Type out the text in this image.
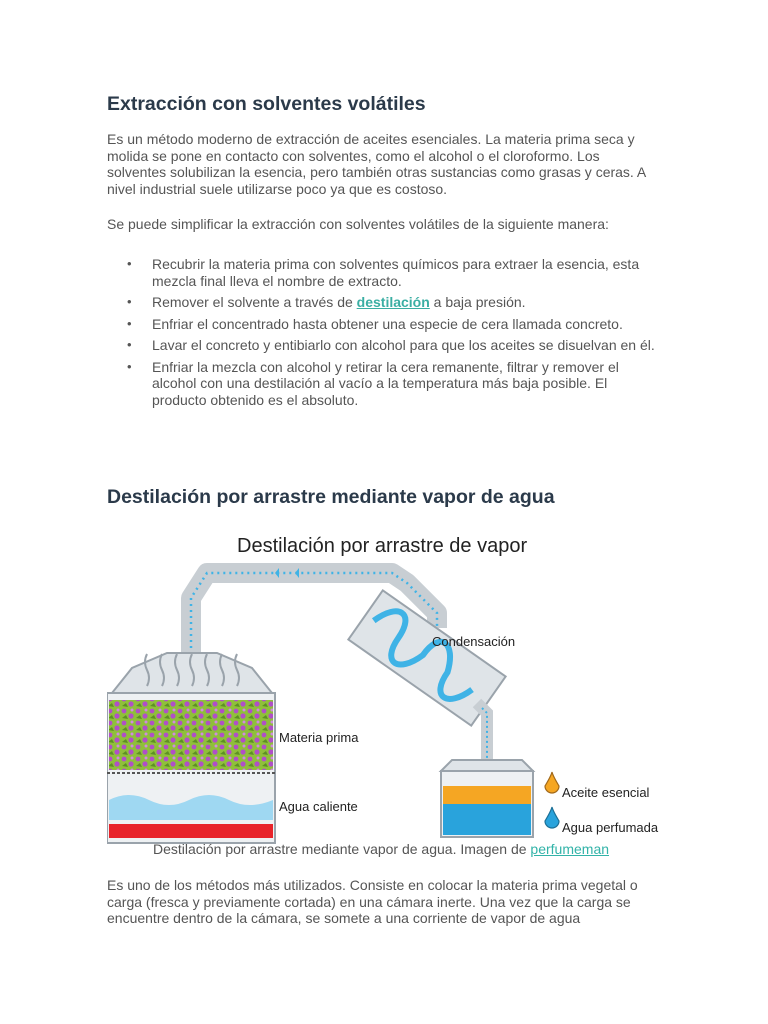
Extracción con solventes volátiles

Es un método moderno de extracción de aceites esenciales. La materia prima seca y molida se pone en contacto con solventes, como el alcohol o el cloroformo. Los solventes solubilizan la esencia, pero también otras sustancias como grasas y ceras. A nivel industrial suele utilizarse poco ya que es costoso.

Se puede simplificar la extracción con solventes volátiles de la siguiente manera:

• Recubrir la materia prima con solventes químicos para extraer la esencia, esta mezcla final lleva el nombre de extracto.
• Remover el solvente a través de destilación a baja presión.
• Enfriar el concentrado hasta obtener una especie de cera llamada concreto.
• Lavar el concreto y entibiarlo con alcohol para que los aceites se disuelvan en él.
• Enfriar la mezcla con alcohol y retirar la cera remanente, filtrar y remover el alcohol con una destilación al vacío a la temperatura más baja posible. El producto obtenido es el absoluto.
Destilación por arrastre mediante vapor de agua
Destilación por arrastre de vapor
Condensación
Materia prima
Agua caliente
Aceite esencial
Agua perfumada
Destilación por arrastre mediante vapor de agua. Imagen de perfumeman

Es uno de los métodos más utilizados. Consiste en colocar la materia prima vegetal o carga (fresca y previamente cortada) en una cámara inerte. Una vez que la carga se encuentre dentro de la cámara, se somete a una corriente de vapor de agua
